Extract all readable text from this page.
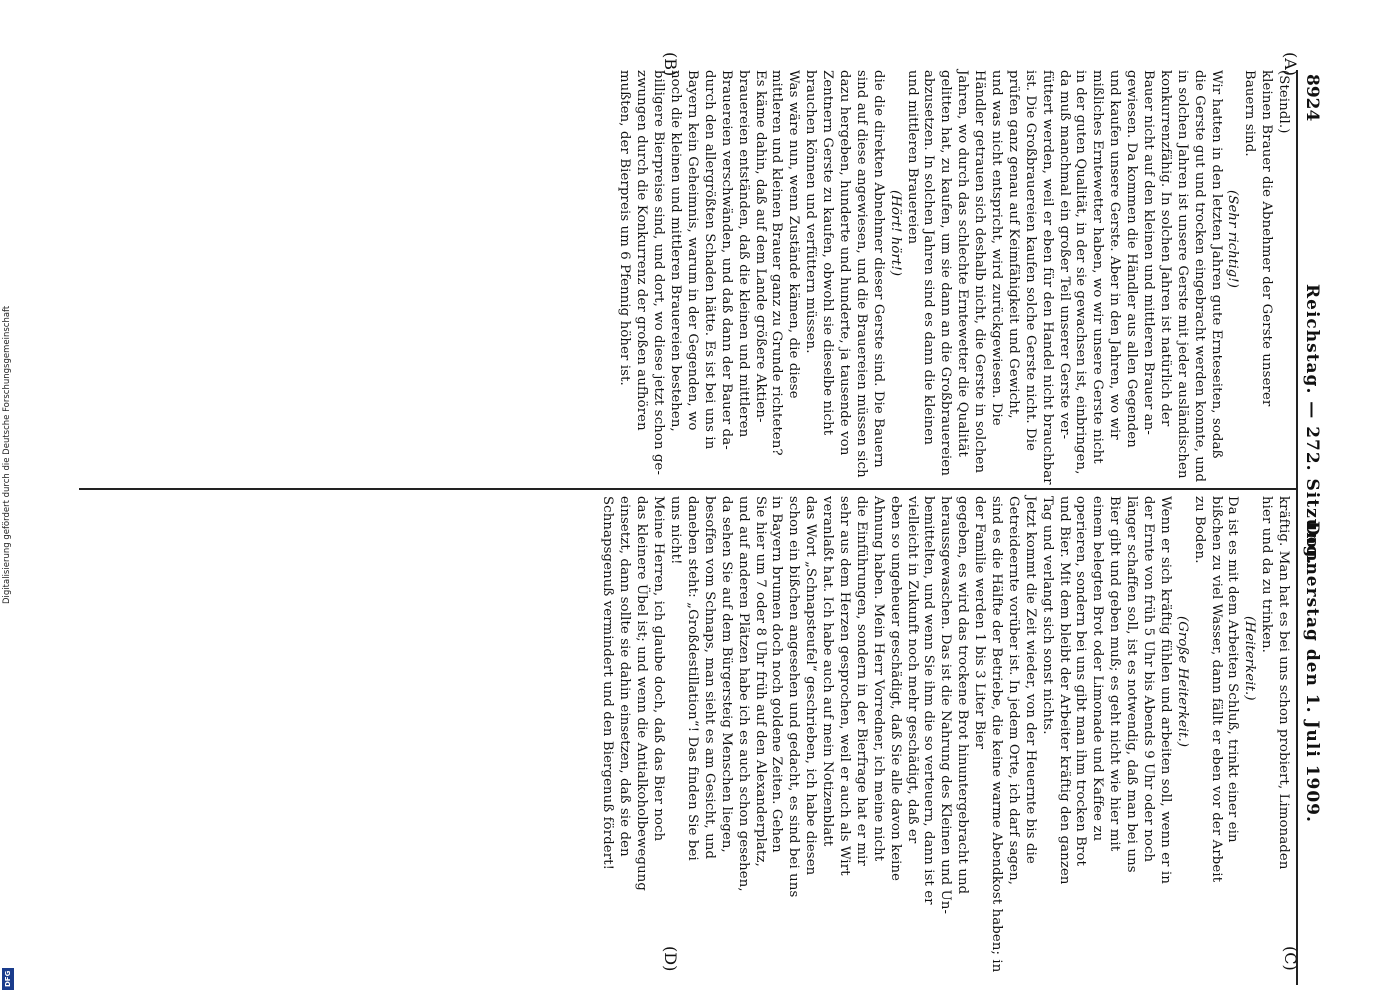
8924
Reichstag. — 272. Sitzung.
Donnerstag den 1. Juli 1909.
(A)
(B)
(C)
(D)
(Steindl.)
kleinen Brauer die Abnehmer der Gerste unserer
Bauern sind.
(Sehr richtig!)
Wir hatten in den letzten Jahren gute Ernteseiten, sodaß
die Gerste gut und trocken eingebracht werden konnte, und
in solchen Jahren ist unsere Gerste mit jeder ausländischen
konkurrenzfähig. In solchen Jahren ist natürlich der
Bauer nicht auf den kleinen und mittleren Brauer an-
gewiesen. Da kommen die Händler aus allen Gegenden
und kaufen unsere Gerste. Aber in den Jahren, wo wir
mißliches Erntewetter haben, wo wir unsere Gerste nicht
in der guten Qualität, in der sie gewachsen ist, einbringen,
da muß manchmal ein großer Teil unserer Gerste ver-
füttert werden, weil er eben für den Handel nicht brauchbar
ist. Die Großbrauereien kaufen solche Gerste nicht. Die
prüfen ganz genau auf Keimfähigkeit und Gewicht,
und was nicht entspricht, wird zurückgewiesen. Die
Händler getrauen sich deshalb nicht, die Gerste in solchen
Jahren, wo durch das schlechte Erntewetter die Qualität
gelitten hat, zu kaufen, um sie dann an die Großbrauereien
abzusetzen. In solchen Jahren sind es dann die kleinen
und mittleren Brauereien
(Hört! hört!)
die die direkten Abnehmer dieser Gerste sind. Die Bauern
sind auf diese angewiesen, und die Brauereien müssen sich
dazu hergeben, hunderte und hunderte, ja tausende von
Zentnern Gerste zu kaufen, obwohl sie dieselbe nicht
brauchen können und verfüttern müssen.
Was wäre nun, wenn Zustände kämen, die diese
mittleren und kleinen Brauer ganz zu Grunde richteten?
Es käme dahin, daß auf dem Lande größere Aktien-
brauereien entständen, daß die kleinen und mittleren
Brauereien verschwänden, und daß dann der Bauer da-
durch den allergrößten Schaden hätte. Es ist bei uns in
Bayern kein Geheimnis, warum in der Gegenden, wo
noch die kleinen und mittleren Brauereien bestehen,
billigere Bierpreise sind, und dort, wo diese jetzt schon ge-
zwungen durch die Konkurrenz der großen aufhören
mußten, der Bierpreis um 6 Pfennig höher ist.
kräftig. Man hat es bei uns schon probiert, Limonaden
hier und da zu trinken.
(Heiterkeit.)
Da ist es mit dem Arbeiten Schluß, trinkt einer ein
bißchen zu viel Wasser, dann fällt er eben vor der Arbeit
zu Boden.
(Große Heiterkeit.)
Wenn er sich kräftig fühlen und arbeiten soll, wenn er in
der Ernte von früh 5 Uhr bis Abends 9 Uhr oder noch
länger schaffen soll, ist es notwendig, daß man bei uns
Bier gibt und geben muß; es geht nicht wie hier mit
einem belegten Brot oder Limonade und Kaffee zu
operieren, sondern bei uns gibt man ihm trocken Brot
und Bier. Mit dem bleibt der Arbeiter kräftig den ganzen
Tag und verlangt sich sonst nichts.
Jetzt kommt die Zeit wieder, von der Heuernte bis die
Getreideernte vorüber ist. In jedem Orte, ich darf sagen,
sind es die Hälfte der Betriebe, die keine warme Abendkost haben; in
der Familie werden 1 bis 3 Liter Bier
gegeben, es wird das trockene Brot hinuntergebracht und
heraussgewaschen. Das ist die Nahrung des Kleinen und Un-
bemittelten, und wenn Sie ihm die so verteuern, dann ist er
vielleicht in Zukunft noch mehr geschädigt, daß er
eben so ungeheuer geschädigt, daß Sie alle davon keine
Ahnung haben. Mein Herr Vorredner, ich meine nicht
die Einführungen, sondern in der Bierfrage hat er mir
sehr aus dem Herzen gesprochen, weil er auch als Wirt
veranlaßt hat. Ich habe auch auf mein Notizenblatt
das Wort „Schnapsteufel“ geschrieben, ich habe diesen
schon ein bißchen angesehen und gedacht, es sind bei uns
in Bayern brumen doch noch goldene Zeiten. Gehen
Sie hier um 7 oder 8 Uhr früh auf den Alexanderplatz,
und auf anderen Plätzen habe ich es auch schon gesehen,
da sehen Sie auf dem Bürgersteig Menschen liegen,
besoffen vom Schnaps, man sieht es am Gesicht, und
daneben steht: „Großdestillation“! Das finden Sie bei
uns nicht!
Meine Herren, ich glaube doch, daß das Bier noch
das kleinere Übel ist; und wenn die Antialkoholbewegung
einsetzt, dann sollte sie dahin einsetzen, daß sie den
Schnapsgenuß vermindert und den Biergenuß fördert!
Digitalisierung gefördert durch die Deutsche Forschungsgemeinschaft
DFG
